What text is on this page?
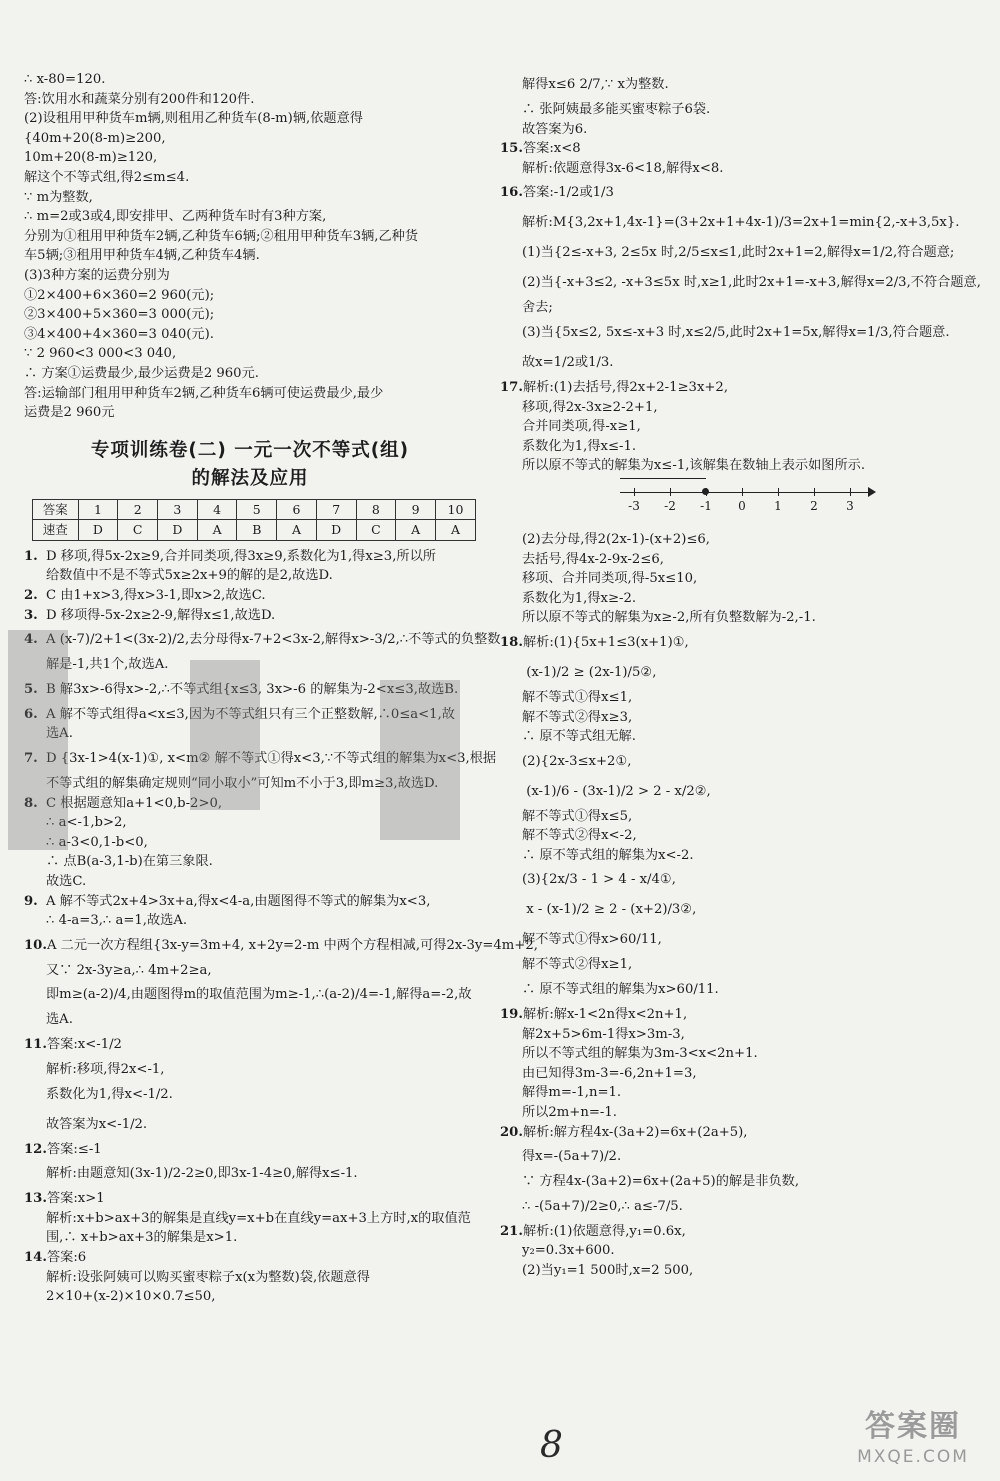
∴ x-80=120.
答:饮用水和蔬菜分别有200件和120件.
(2)设租用甲种货车m辆,则租用乙种货车(8-m)辆,依题意得
{40m+20(8-m)≥200,
10m+20(8-m)≥120,
解这个不等式组,得2≤m≤4.
∵ m为整数,
∴ m=2或3或4,即安排甲、乙两种货车时有3种方案,
分别为①租用甲种货车2辆,乙种货车6辆;②租用甲种货车3辆,乙种货
车5辆;③租用甲种货车4辆,乙种货车4辆.
(3)3种方案的运费分别为
①2×400+6×360=2 960(元);
②3×400+5×360=3 000(元);
③4×400+4×360=3 040(元).
∵ 2 960<3 000<3 040,
∴ 方案①运费最少,最少运费是2 960元.
答:运输部门租用甲种货车2辆,乙种货车6辆可使运费最少,最少
运费是2 960元
专项训练卷(二) 一元一次不等式(组)
的解法及应用
答案	1	2	3	4	5	6	7	8	9	10
速查	D	C	D	A	B	A	D	C	A	A
1. D 移项,得5x-2x≥9,合并同类项,得3x≥9,系数化为1,得x≥3,所以所
给数值中不是不等式5x≥2x+9的解的是2,故选D.
2. C 由1+x>3,得x>3-1,即x>2,故选C.
3. D 移项得-5x-2x≥2-9,解得x≤1,故选D.
4. A (x-7)/2+1<(3x-2)/2,去分母得x-7+2<3x-2,解得x>-3/2,∴不等式的负整数
解是-1,共1个,故选A.
5. B 解3x>-6得x>-2,∴不等式组{x≤3, 3x>-6 的解集为-2<x≤3,故选B.
6. A 解不等式组得a<x≤3,因为不等式组只有三个正整数解,∴0≤a<1,故
选A.
7. D {3x-1>4(x-1)①, x<m② 解不等式①得x<3,∵不等式组的解集为x<3,根据
不等式组的解集确定规则“同小取小”可知m不小于3,即m≥3,故选D.
8. C 根据题意知a+1<0,b-2>0,
∴ a<-1,b>2,
∴ a-3<0,1-b<0,
∴ 点B(a-3,1-b)在第三象限.
故选C.
9. A 解不等式2x+4>3x+a,得x<4-a,由题图得不等式的解集为x<3,
∴ 4-a=3,∴ a=1,故选A.
10.A 二元一次方程组{3x-y=3m+4, x+2y=2-m 中两个方程相减,可得2x-3y=4m+2,
又∵ 2x-3y≥a,∴ 4m+2≥a,
即m≥(a-2)/4,由题图得m的取值范围为m≥-1,∴(a-2)/4=-1,解得a=-2,故
选A.
11.答案:x<-1/2
解析:移项,得2x<-1,
系数化为1,得x<-1/2.
故答案为x<-1/2.
12.答案:≤-1
解析:由题意知(3x-1)/2-2≥0,即3x-1-4≥0,解得x≤-1.
13.答案:x>1
解析:x+b>ax+3的解集是直线y=x+b在直线y=ax+3上方时,x的取值范
围,∴ x+b>ax+3的解集是x>1.
14.答案:6
解析:设张阿姨可以购买蜜枣粽子x(x为整数)袋,依题意得
2×10+(x-2)×10×0.7≤50,
解得x≤6 2/7,∵ x为整数.
∴ 张阿姨最多能买蜜枣粽子6袋.
故答案为6.
15.答案:x<8
解析:依题意得3x-6<18,解得x<8.
16.答案:-1/2或1/3
解析:M{3,2x+1,4x-1}=(3+2x+1+4x-1)/3=2x+1=min{2,-x+3,5x}.
(1)当{2≤-x+3, 2≤5x 时,2/5≤x≤1,此时2x+1=2,解得x=1/2,符合题意;
(2)当{-x+3≤2, -x+3≤5x 时,x≥1,此时2x+1=-x+3,解得x=2/3,不符合题意,
舍去;
(3)当{5x≤2, 5x≤-x+3 时,x≤2/5,此时2x+1=5x,解得x=1/3,符合题意.
故x=1/2或1/3.
17.解析:(1)去括号,得2x+2-1≥3x+2,
移项,得2x-3x≥2-2+1,
合并同类项,得-x≥1,
系数化为1,得x≤-1.
所以原不等式的解集为x≤-1,该解集在数轴上表示如图所示.
-3	-2	-1	0	1	2	3
(2)去分母,得2(2x-1)-(x+2)≤6,
去括号,得4x-2-9x-2≤6,
移项、合并同类项,得-5x≤10,
系数化为1,得x≥-2.
所以原不等式的解集为x≥-2,所有负整数解为-2,-1.
18.解析:(1){5x+1≤3(x+1)①,
(x-1)/2 ≥ (2x-1)/5②,
解不等式①得x≤1,
解不等式②得x≥3,
∴ 原不等式组无解.
(2){2x-3≤x+2①,
(x-1)/6 - (3x-1)/2 > 2 - x/2②,
解不等式①得x≤5,
解不等式②得x<-2,
∴ 原不等式组的解集为x<-2.
(3){2x/3 - 1 > 4 - x/4①,
x - (x-1)/2 ≥ 2 - (x+2)/3②,
解不等式①得x>60/11,
解不等式②得x≥1,
∴ 原不等式组的解集为x>60/11.
19.解析:解x-1<2n得x<2n+1,
解2x+5>6m-1得x>3m-3,
所以不等式组的解集为3m-3<x<2n+1.
由已知得3m-3=-6,2n+1=3,
解得m=-1,n=1.
所以2m+n=-1.
20.解析:解方程4x-(3a+2)=6x+(2a+5),
得x=-(5a+7)/2.
∵ 方程4x-(3a+2)=6x+(2a+5)的解是非负数,
∴ -(5a+7)/2≥0,∴ a≤-7/5.
21.解析:(1)依题意得,y₁=0.6x,
y₂=0.3x+600.
(2)当y₁=1 500时,x=2 500,
8	答案圈
MXQE.COM
